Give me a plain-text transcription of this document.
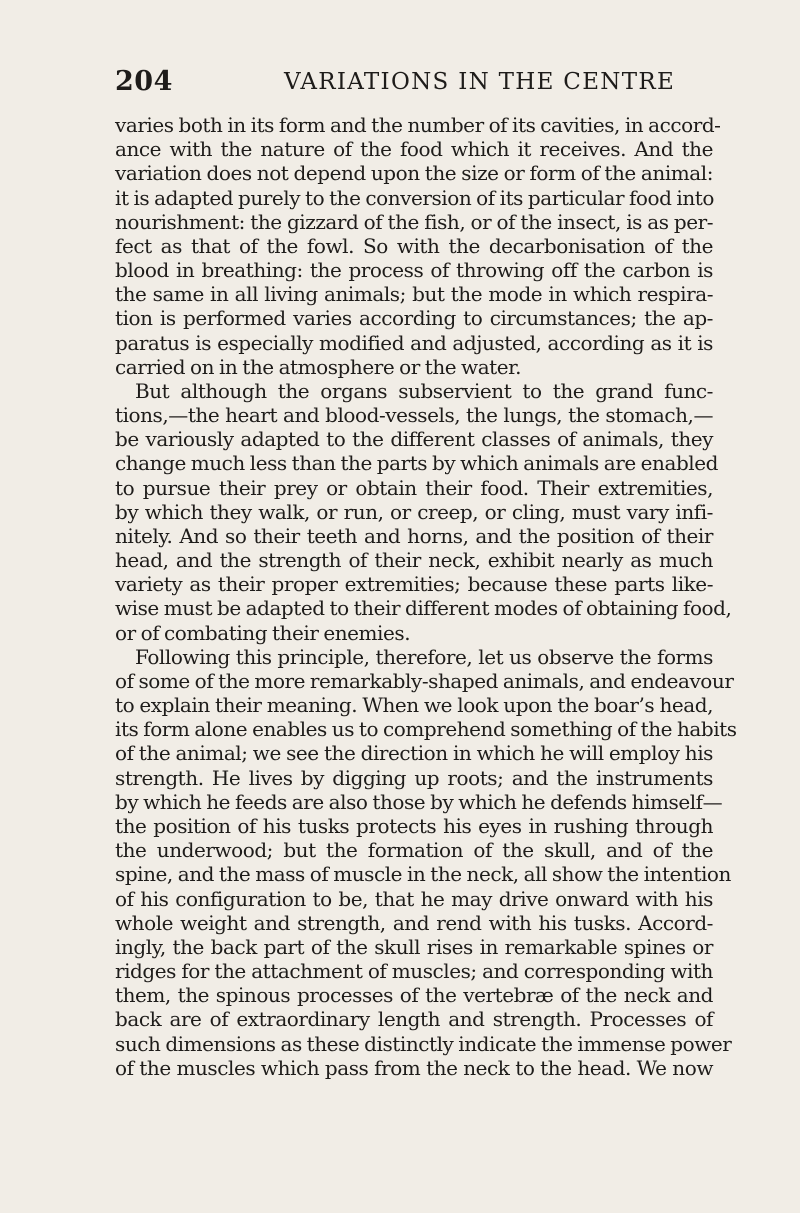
204	VARIATIONS IN THE CENTRE
varies both in its form and the number of its cavities, in accord-
ance with the nature of the food which it receives. And the
variation does not depend upon the size or form of the animal:
it is adapted purely to the conversion of its particular food into
nourishment: the gizzard of the fish, or of the insect, is as per-
fect as that of the fowl. So with the decarbonisation of the
blood in breathing: the process of throwing off the carbon is
the same in all living animals; but the mode in which respira-
tion is performed varies according to circumstances; the ap-
paratus is especially modified and adjusted, according as it is
carried on in the atmosphere or the water.
But although the organs subservient to the grand func-
tions,—the heart and blood-vessels, the lungs, the stomach,—
be variously adapted to the different classes of animals, they
change much less than the parts by which animals are enabled
to pursue their prey or obtain their food. Their extremities,
by which they walk, or run, or creep, or cling, must vary infi-
nitely. And so their teeth and horns, and the position of their
head, and the strength of their neck, exhibit nearly as much
variety as their proper extremities; because these parts like-
wise must be adapted to their different modes of obtaining food,
or of combating their enemies.
Following this principle, therefore, let us observe the forms
of some of the more remarkably-shaped animals, and endeavour
to explain their meaning. When we look upon the boar’s head,
its form alone enables us to comprehend something of the habits
of the animal; we see the direction in which he will employ his
strength. He lives by digging up roots; and the instruments
by which he feeds are also those by which he defends himself—
the position of his tusks protects his eyes in rushing through
the underwood; but the formation of the skull, and of the
spine, and the mass of muscle in the neck, all show the intention
of his configuration to be, that he may drive onward with his
whole weight and strength, and rend with his tusks. Accord-
ingly, the back part of the skull rises in remarkable spines or
ridges for the attachment of muscles; and corresponding with
them, the spinous processes of the vertebræ of the neck and
back are of extraordinary length and strength. Processes of
such dimensions as these distinctly indicate the immense power
of the muscles which pass from the neck to the head. We now
